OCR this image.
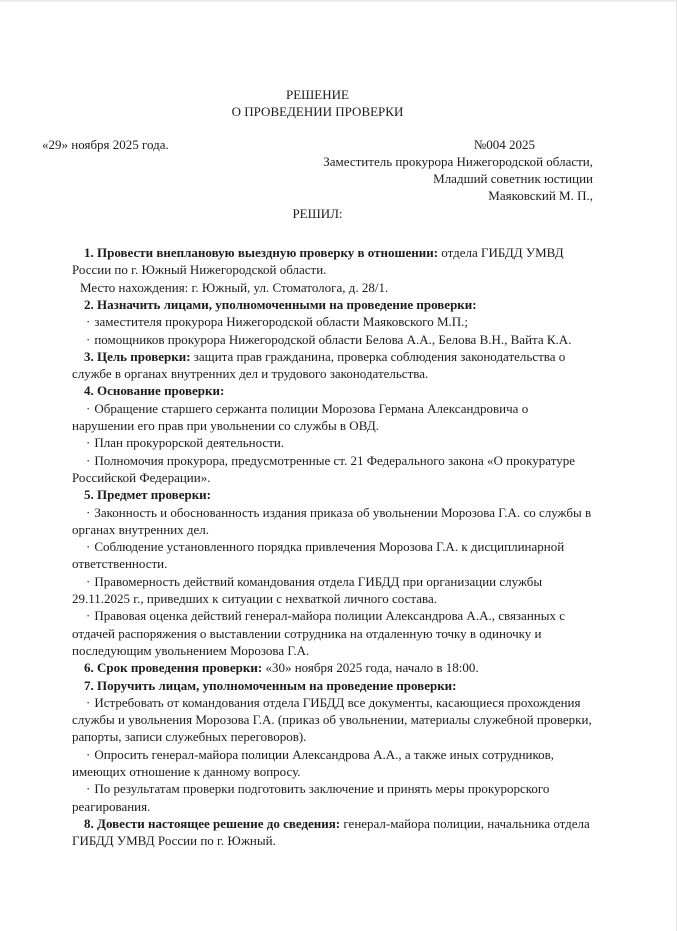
РЕШЕНИЕ
О ПРОВЕДЕНИИ ПРОВЕРКИ
«29» ноября 2025 года.	№004 2025
Заместитель прокурора Нижегородской области,
Младший советник юстиции
Маяковский М. П.,
РЕШИЛ:

1. Провести внеплановую выездную проверку в отношении: отдела ГИБДД УМВД России по г. Южный Нижегородской области.

Место нахождения: г. Южный, ул. Стоматолога, д. 28/1.

2. Назначить лицами, уполномоченными на проведение проверки:

· заместителя прокурора Нижегородской области Маяковского М.П.;

· помощников прокурора Нижегородской области Белова А.А., Белова В.Н., Вайта К.А.

3. Цель проверки: защита прав гражданина, проверка соблюдения законодательства о службе в органах внутренних дел и трудового законодательства.

4. Основание проверки:

· Обращение старшего сержанта полиции Морозова Германа Александровича о нарушении его прав при увольнении со службы в ОВД.

· План прокурорской деятельности.

· Полномочия прокурора, предусмотренные ст. 21 Федерального закона «О прокуратуре Российской Федерации».

5. Предмет проверки:

· Законность и обоснованность издания приказа об увольнении Морозова Г.А. со службы в органах внутренних дел.

· Соблюдение установленного порядка привлечения Морозова Г.А. к дисциплинарной ответственности.

· Правомерность действий командования отдела ГИБДД при организации службы 29.11.2025 г., приведших к ситуации с нехваткой личного состава.

· Правовая оценка действий генерал-майора полиции Александрова А.А., связанных с отдачей распоряжения о выставлении сотрудника на отдаленную точку в одиночку и последующим увольнением Морозова Г.А.

6. Срок проведения проверки: «30» ноября 2025 года, начало в 18:00.

7. Поручить лицам, уполномоченным на проведение проверки:

· Истребовать от командования отдела ГИБДД все документы, касающиеся прохождения службы и увольнения Морозова Г.А. (приказ об увольнении, материалы служебной проверки, рапорты, записи служебных переговоров).

· Опросить генерал-майора полиции Александрова А.А., а также иных сотрудников, имеющих отношение к данному вопросу.

· По результатам проверки подготовить заключение и принять меры прокурорского реагирования.

8. Довести настоящее решение до сведения: генерал-майора полиции, начальника отдела ГИБДД УМВД России по г. Южный.
